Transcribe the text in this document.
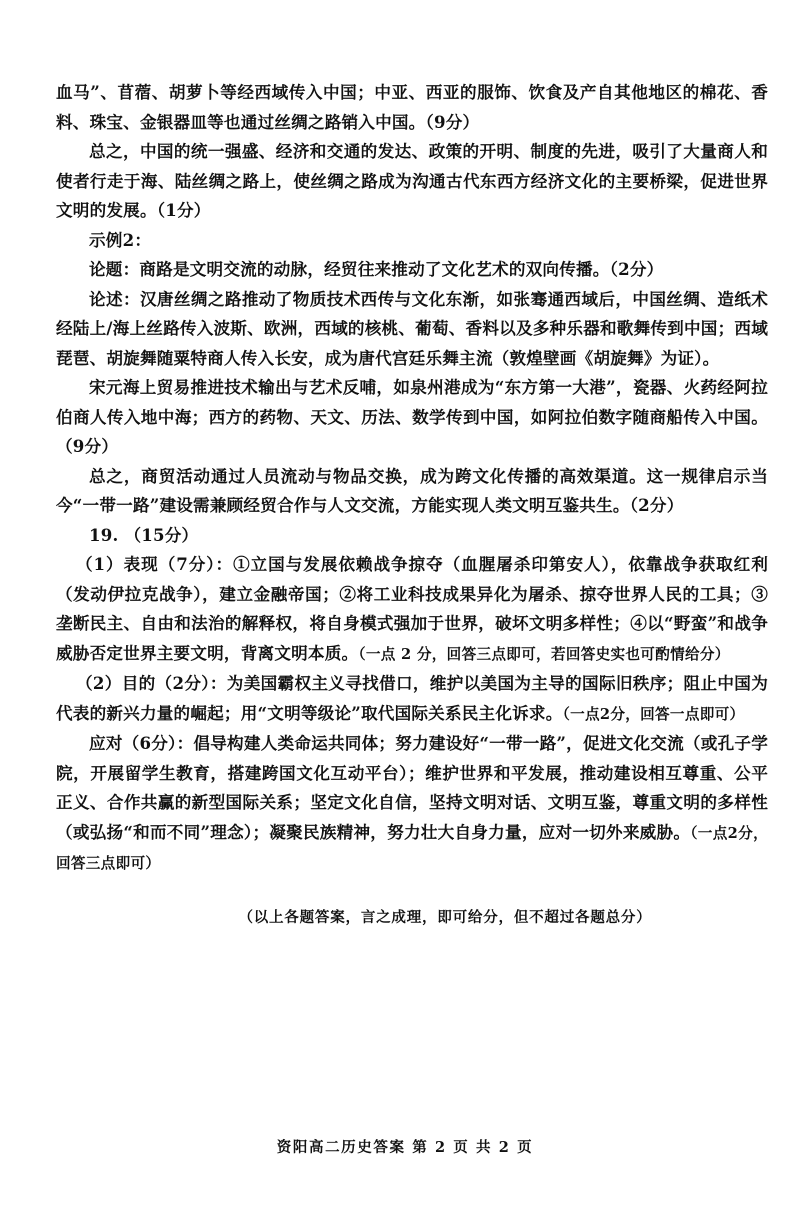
血马”、苜蓿、胡萝卜等经西域传入中国；中亚、西亚的服饰、饮食及产自其他地区的棉花、香料、珠宝、金银器皿等也通过丝绸之路销入中国。（9分）

总之，中国的统一强盛、经济和交通的发达、政策的开明、制度的先进，吸引了大量商人和使者行走于海、陆丝绸之路上，使丝绸之路成为沟通古代东西方经济文化的主要桥梁，促进世界文明的发展。（1分）

示例2：

论题：商路是文明交流的动脉，经贸往来推动了文化艺术的双向传播。（2分）

论述：汉唐丝绸之路推动了物质技术西传与文化东渐，如张骞通西域后，中国丝绸、造纸术经陆上/海上丝路传入波斯、欧洲，西域的核桃、葡萄、香料以及多种乐器和歌舞传到中国；西域琵琶、胡旋舞随粟特商人传入长安，成为唐代宫廷乐舞主流（敦煌壁画《胡旋舞》为证）。

宋元海上贸易推进技术输出与艺术反哺，如泉州港成为“东方第一大港”，瓷器、火药经阿拉伯商人传入地中海；西方的药物、天文、历法、数学传到中国，如阿拉伯数字随商船传入中国。（9分）

总之，商贸活动通过人员流动与物品交换，成为跨文化传播的高效渠道。这一规律启示当今“一带一路”建设需兼顾经贸合作与人文交流，方能实现人类文明互鉴共生。（2分）

19. （15分）

（1）表现（7分）：①立国与发展依赖战争掠夺（血腥屠杀印第安人），依靠战争获取红利（发动伊拉克战争），建立金融帝国；②将工业科技成果异化为屠杀、掠夺世界人民的工具；③垄断民主、自由和法治的解释权，将自身模式强加于世界，破坏文明多样性；④以“野蛮”和战争威胁否定世界主要文明，背离文明本质。（一点 2 分，回答三点即可，若回答史实也可酌情给分）

（2）目的（2分）：为美国霸权主义寻找借口，维护以美国为主导的国际旧秩序；阻止中国为代表的新兴力量的崛起；用“文明等级论”取代国际关系民主化诉求。（一点2分，回答一点即可）

应对（6分）：倡导构建人类命运共同体；努力建设好“一带一路”，促进文化交流（或孔子学院，开展留学生教育，搭建跨国文化互动平台）；维护世界和平发展，推动建设相互尊重、公平正义、合作共赢的新型国际关系；坚定文化自信，坚持文明对话、文明互鉴，尊重文明的多样性（或弘扬“和而不同”理念）；凝聚民族精神，努力壮大自身力量，应对一切外来威胁。（一点2分，回答三点即可）

（以上各题答案，言之成理，即可给分，但不超过各题总分）
资阳高二历史答案 第 2 页 共 2 页
